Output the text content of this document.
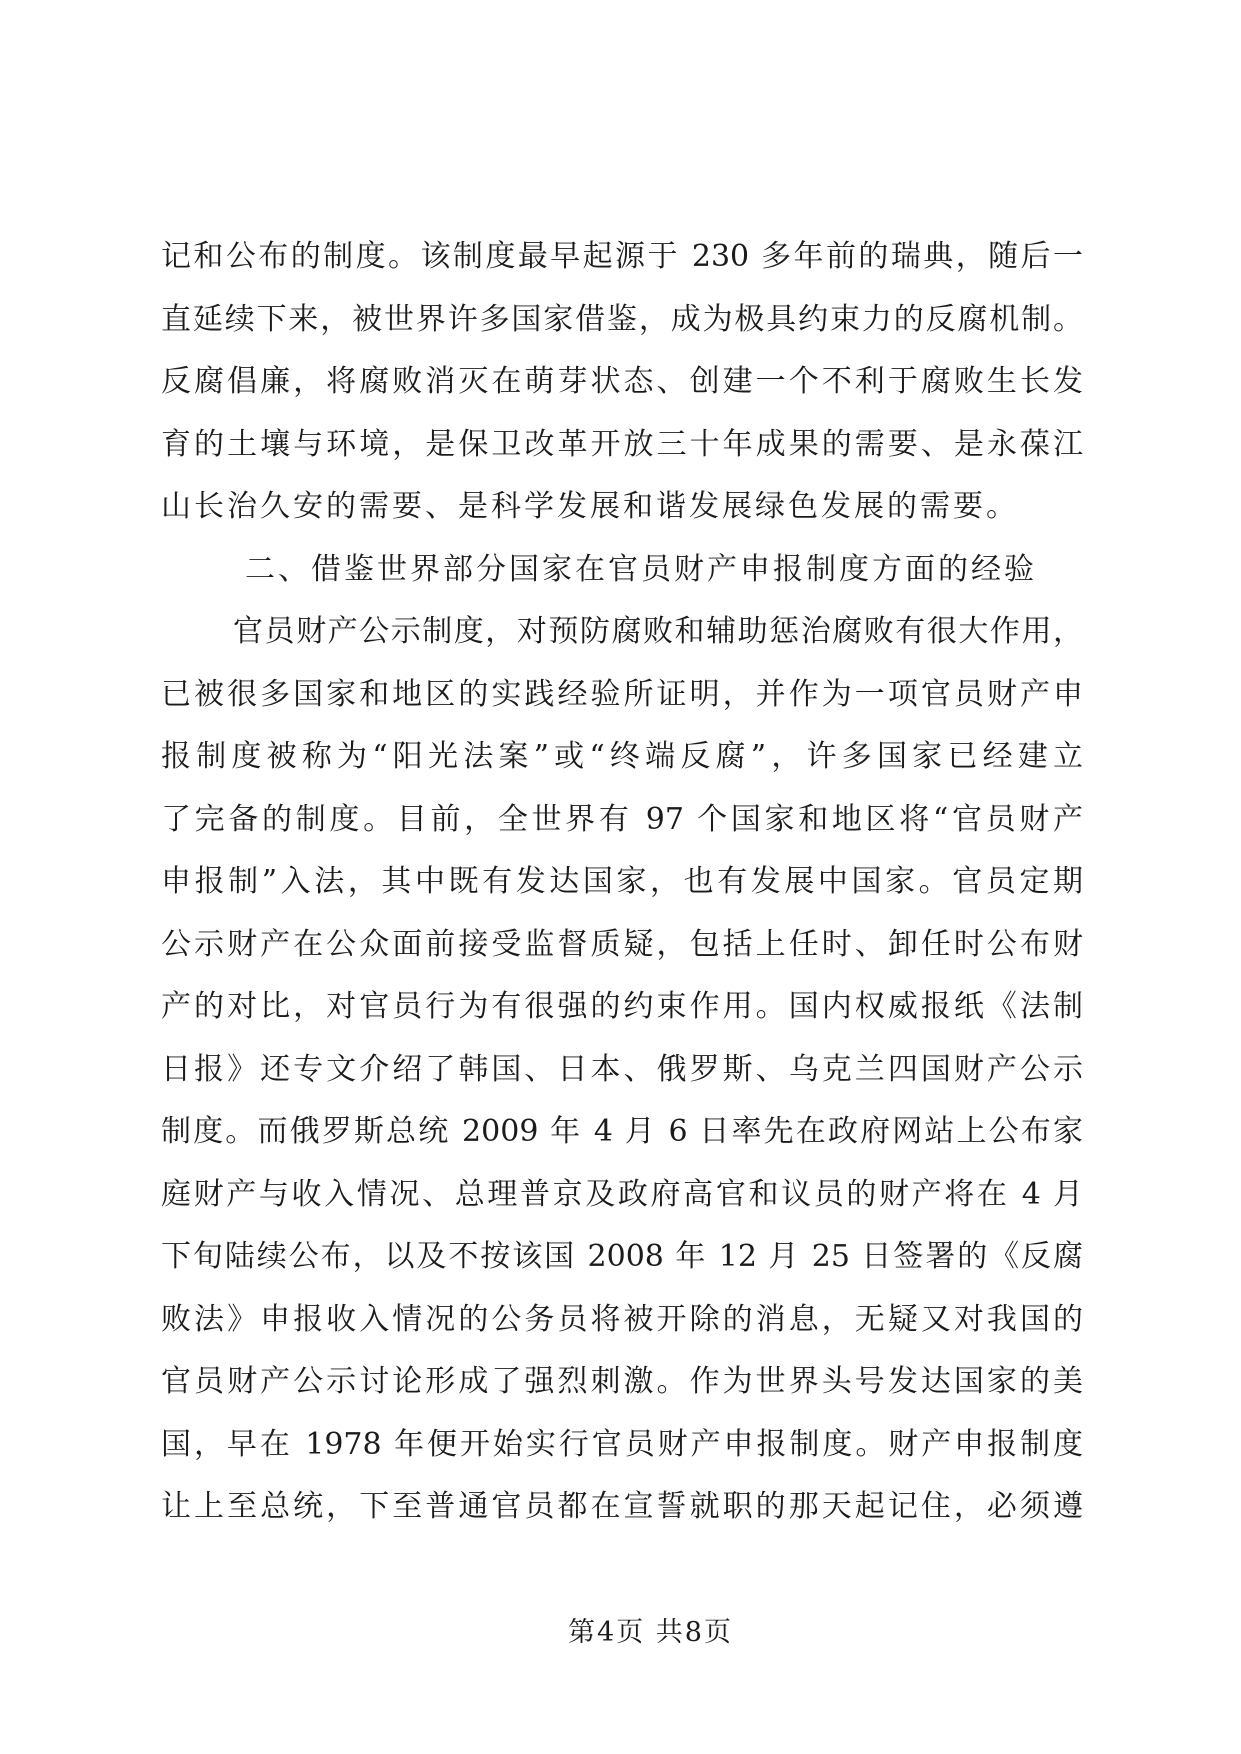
记和公布的制度。该制度最早起源于 230 多年前的瑞典，随后一
直延续下来，被世界许多国家借鉴，成为极具约束力的反腐机制。
反腐倡廉，将腐败消灭在萌芽状态、创建一个不利于腐败生长发
育的土壤与环境，是保卫改革开放三十年成果的需要、是永葆江
山长治久安的需要、是科学发展和谐发展绿色发展的需要。
二、借鉴世界部分国家在官员财产申报制度方面的经验
官员财产公示制度，对预防腐败和辅助惩治腐败有很大作用，
已被很多国家和地区的实践经验所证明，并作为一项官员财产申
报制度被称为“阳光法案”或“终端反腐”，许多国家已经建立
了完备的制度。目前，全世界有 97 个国家和地区将“官员财产
申报制”入法，其中既有发达国家，也有发展中国家。官员定期
公示财产在公众面前接受监督质疑，包括上任时、卸任时公布财
产的对比，对官员行为有很强的约束作用。国内权威报纸《法制
日报》还专文介绍了韩国、日本、俄罗斯、乌克兰四国财产公示
制度。而俄罗斯总统 2009 年 4 月 6 日率先在政府网站上公布家
庭财产与收入情况、总理普京及政府高官和议员的财产将在 4 月
下旬陆续公布，以及不按该国 2008 年 12 月 25 日签署的《反腐
败法》申报收入情况的公务员将被开除的消息，无疑又对我国的
官员财产公示讨论形成了强烈刺激。作为世界头号发达国家的美
国，早在 1978 年便开始实行官员财产申报制度。财产申报制度
让上至总统，下至普通官员都在宣誓就职的那天起记住，必须遵
第4页 共8页
